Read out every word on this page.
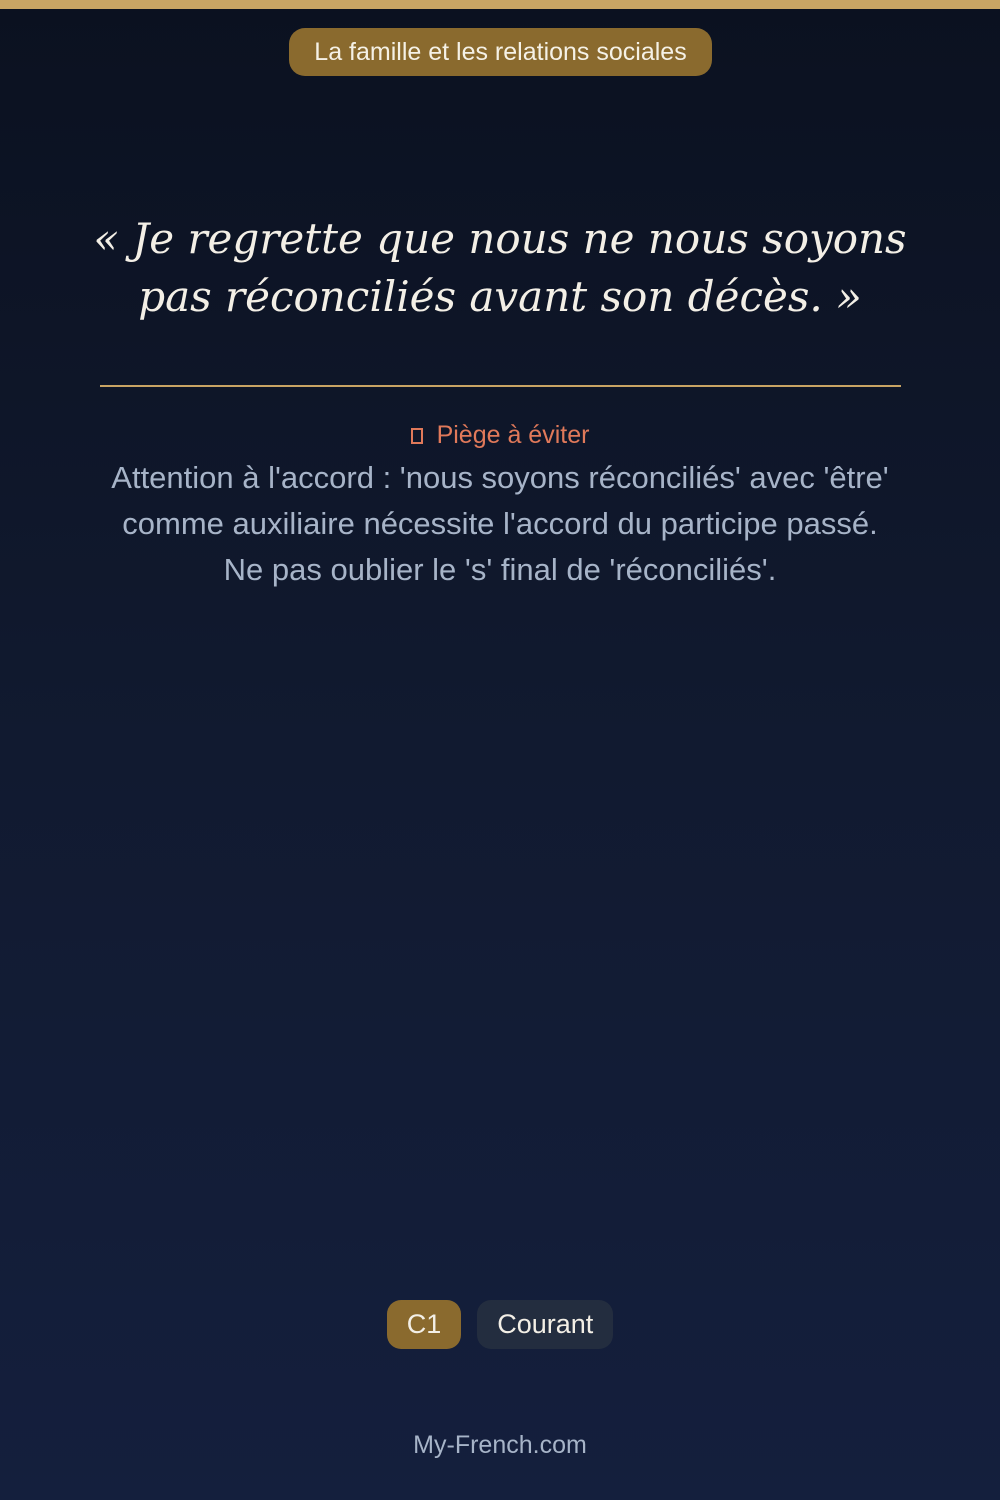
La famille et les relations sociales

« Je regrette que nous ne nous soyons pas réconciliés avant son décès. »

Piège à éviter

Attention à l'accord : 'nous soyons réconciliés' avec 'être' comme auxiliaire nécessite l'accord du participe passé. Ne pas oublier le 's' final de 'réconciliés'.

C1	Courant
My-French.com
